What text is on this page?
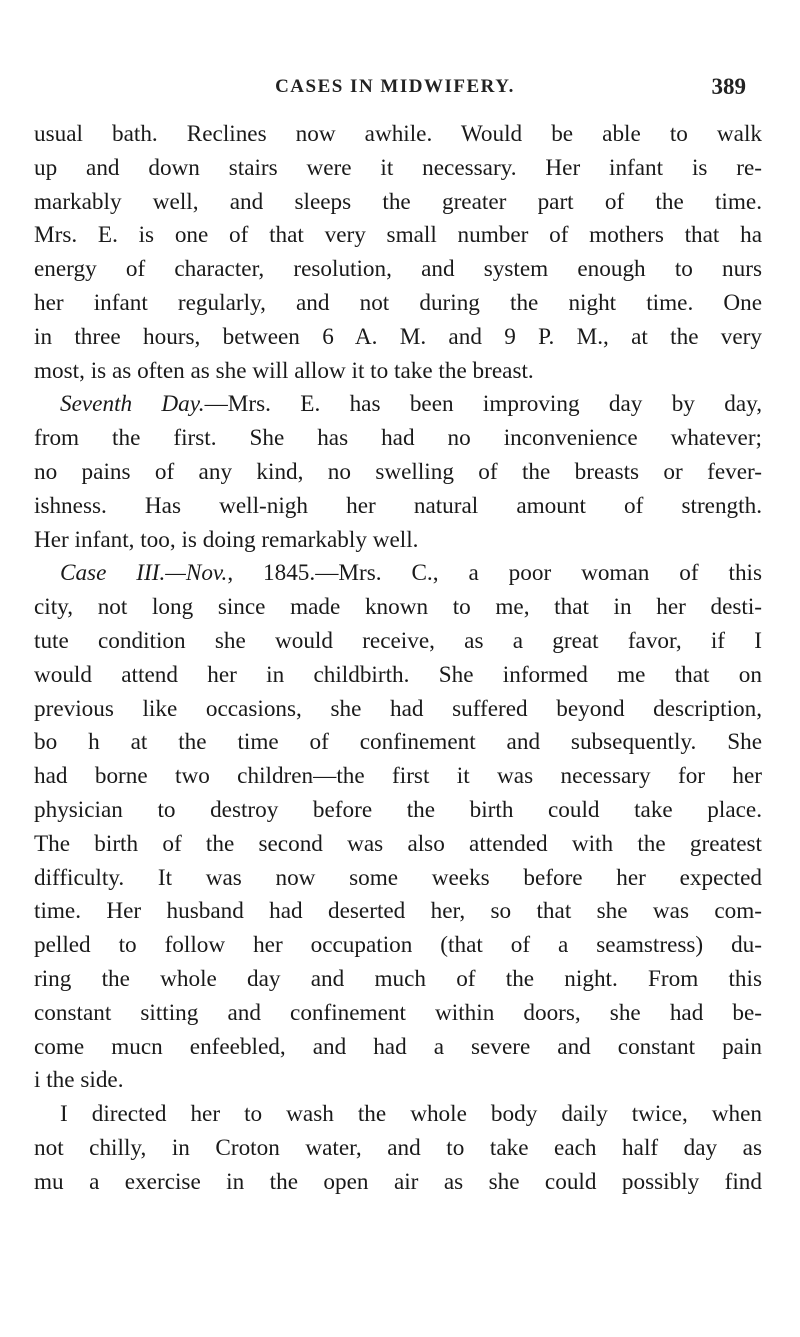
CASES IN MIDWIFERY.	389
usual bath. Reclines now awhile. Would be able to walk
up and down stairs were it necessary. Her infant is re-
markably well, and sleeps the greater part of the time.
Mrs. E. is one of that very small number of mothers that ha
energy of character, resolution, and system enough to nurs
her infant regularly, and not during the night time. One
in three hours, between 6 A. M. and 9 P. M., at the very
most, is as often as she will allow it to take the breast.
Seventh Day.—Mrs. E. has been improving day by day,
from the first. She has had no inconvenience whatever;
no pains of any kind, no swelling of the breasts or fever-
ishness. Has well-nigh her natural amount of strength.
Her infant, too, is doing remarkably well.
Case III.—Nov., 1845.—Mrs. C., a poor woman of this
city, not long since made known to me, that in her desti-
tute condition she would receive, as a great favor, if I
would attend her in childbirth. She informed me that on
previous like occasions, she had suffered beyond description,
bo h at the time of confinement and subsequently. She
had borne two children—the first it was necessary for her
physician to destroy before the birth could take place.
The birth of the second was also attended with the greatest
difficulty. It was now some weeks before her expected
time. Her husband had deserted her, so that she was com-
pelled to follow her occupation (that of a seamstress) du-
ring the whole day and much of the night. From this
constant sitting and confinement within doors, she had be-
come mucn enfeebled, and had a severe and constant pain
i the side.
I directed her to wash the whole body daily twice, when
not chilly, in Croton water, and to take each half day as
mu a exercise in the open air as she could possibly find
